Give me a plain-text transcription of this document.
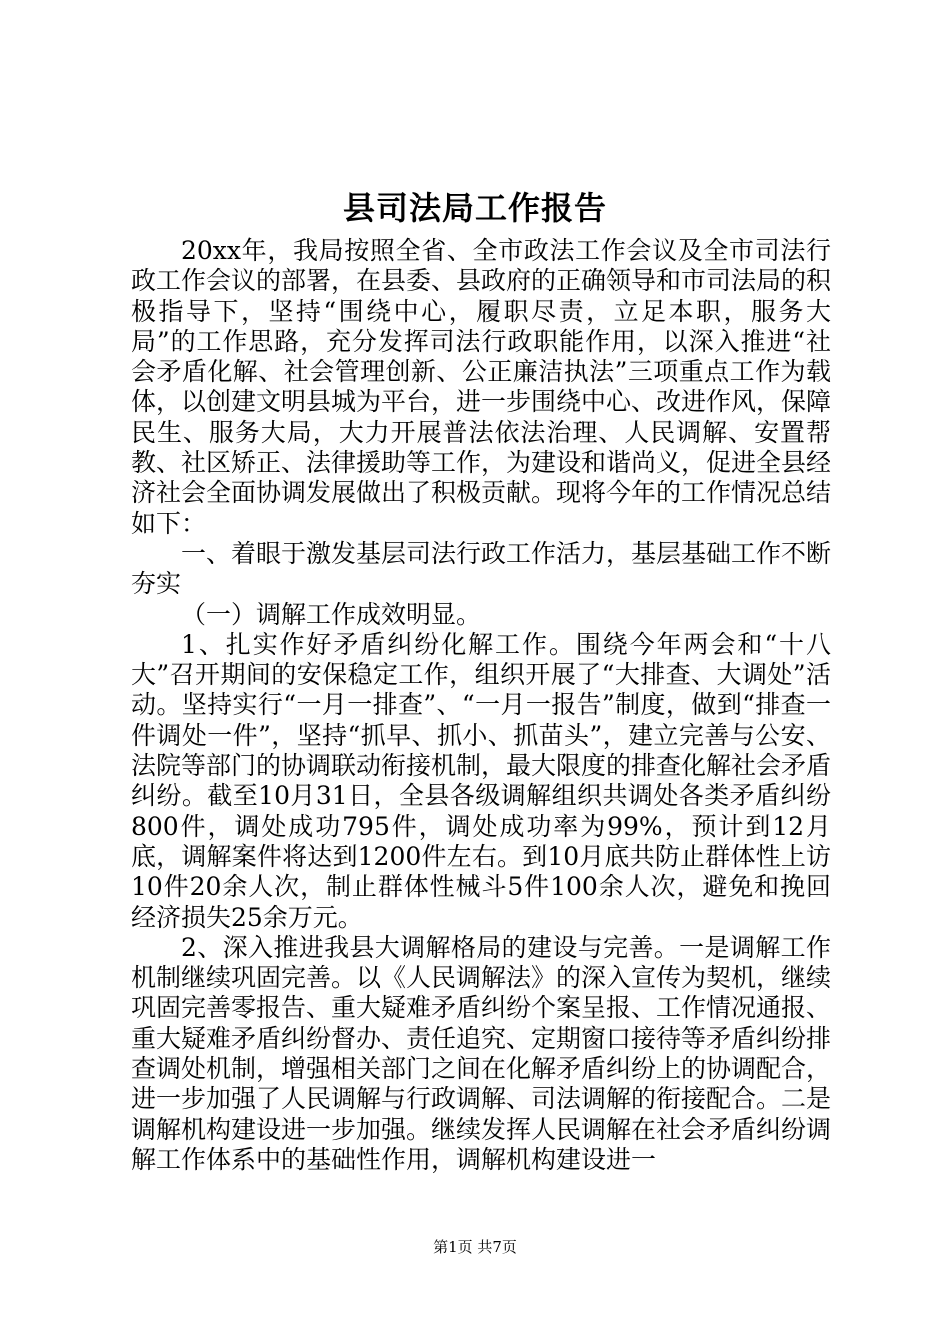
县司法局工作报告

20xx年，我局按照全省、全市政法工作会议及全市司法行政工作会议的部署，在县委、县政府的正确领导和市司法局的积极指导下，坚持“围绕中心，履职尽责，立足本职，服务大局”的工作思路，充分发挥司法行政职能作用，以深入推进“社会矛盾化解、社会管理创新、公正廉洁执法”三项重点工作为载体，以创建文明县城为平台，进一步围绕中心、改进作风，保障民生、服务大局，大力开展普法依法治理、人民调解、安置帮教、社区矫正、法律援助等工作，为建设和谐尚义，促进全县经济社会全面协调发展做出了积极贡献。现将今年的工作情况总结如下：

一、着眼于激发基层司法行政工作活力，基层基础工作不断夯实

（一）调解工作成效明显。

1、扎实作好矛盾纠纷化解工作。围绕今年两会和“十八大”召开期间的安保稳定工作，组织开展了“大排查、大调处”活动。坚持实行“一月一排查”、“一月一报告”制度，做到“排查一件调处一件”，坚持“抓早、抓小、抓苗头”，建立完善与公安、法院等部门的协调联动衔接机制，最大限度的排查化解社会矛盾纠纷。截至10月31日，全县各级调解组织共调处各类矛盾纠纷800件，调处成功795件，调处成功率为99%，预计到12月底，调解案件将达到1200件左右。到10月底共防止群体性上访10件20余人次，制止群体性械斗5件100余人次，避免和挽回经济损失25余万元。

2、深入推进我县大调解格局的建设与完善。一是调解工作机制继续巩固完善。以《人民调解法》的深入宣传为契机，继续巩固完善零报告、重大疑难矛盾纠纷个案呈报、工作情况通报、重大疑难矛盾纠纷督办、责任追究、定期窗口接待等矛盾纠纷排查调处机制，增强相关部门之间在化解矛盾纠纷上的协调配合，进一步加强了人民调解与行政调解、司法调解的衔接配合。二是调解机构建设进一步加强。继续发挥人民调解在社会矛盾纠纷调解工作体系中的基础性作用，调解机构建设进一

第1页 共7页
